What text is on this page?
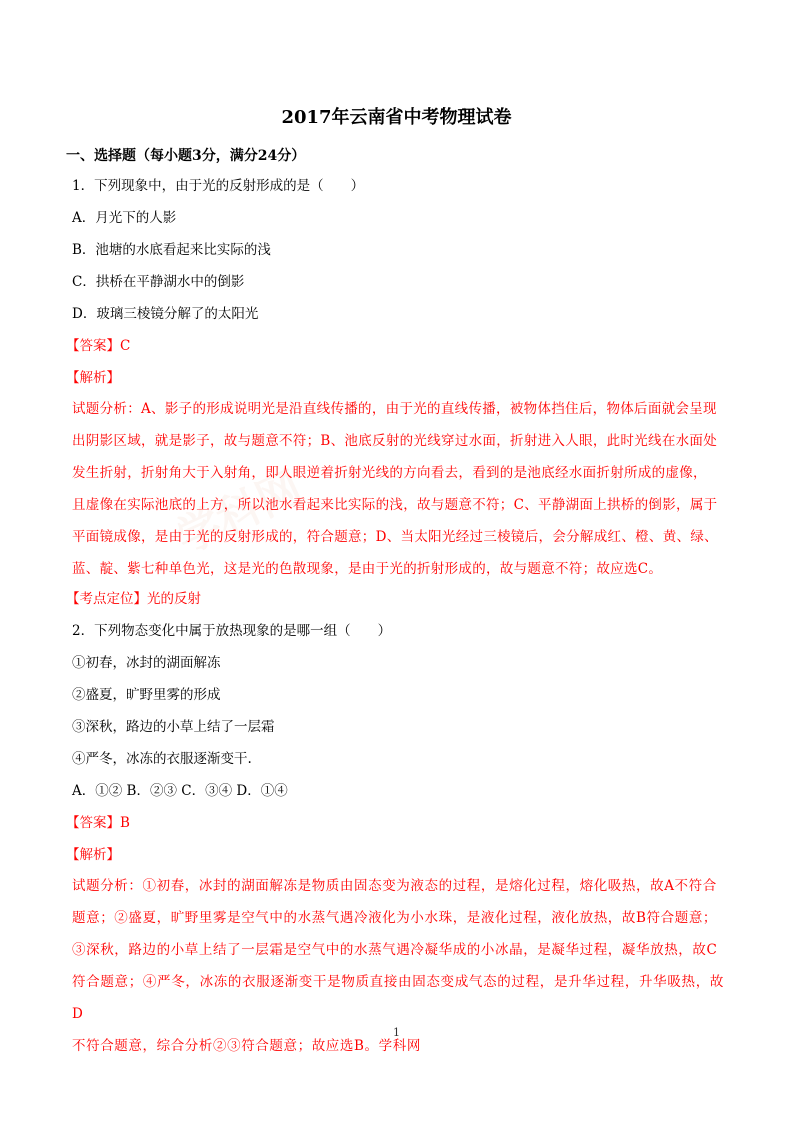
学科网
2017年云南省中考物理试卷
一、选择题（每小题3分，满分24分）
1．下列现象中，由于光的反射形成的是（　　）
A．月光下的人影
B．池塘的水底看起来比实际的浅
C．拱桥在平静湖水中的倒影
D．玻璃三棱镜分解了的太阳光
【答案】C
【解析】
试题分析：A、影子的形成说明光是沿直线传播的，由于光的直线传播，被物体挡住后，物体后面就会呈现
出阴影区域，就是影子，故与题意不符；B、池底反射的光线穿过水面，折射进入人眼，此时光线在水面处
发生折射，折射角大于入射角，即人眼逆着折射光线的方向看去，看到的是池底经水面折射所成的虚像，
且虚像在实际池底的上方，所以池水看起来比实际的浅，故与题意不符；C、平静湖面上拱桥的倒影，属于
平面镜成像，是由于光的反射形成的，符合题意；D、当太阳光经过三棱镜后，会分解成红、橙、黄、绿、
蓝、靛、紫七种单色光，这是光的色散现象，是由于光的折射形成的，故与题意不符；故应选C。
【考点定位】光的反射
2．下列物态变化中属于放热现象的是哪一组（　　）
①初春，冰封的湖面解冻
②盛夏，旷野里雾的形成
③深秋，路边的小草上结了一层霜
④严冬，冰冻的衣服逐渐变干.
A．①② B．②③ C．③④ D．①④
【答案】B
【解析】
试题分析：①初春，冰封的湖面解冻是物质由固态变为液态的过程，是熔化过程，熔化吸热，故A不符合
题意；②盛夏，旷野里雾是空气中的水蒸气遇冷液化为小水珠，是液化过程，液化放热，故B符合题意；
③深秋，路边的小草上结了一层霜是空气中的水蒸气遇冷凝华成的小冰晶，是凝华过程，凝华放热，故C
符合题意；④严冬，冰冻的衣服逐渐变干是物质直接由固态变成气态的过程，是升华过程，升华吸热，故D
不符合题意，综合分析②③符合题意；故应选B。学科网
1
